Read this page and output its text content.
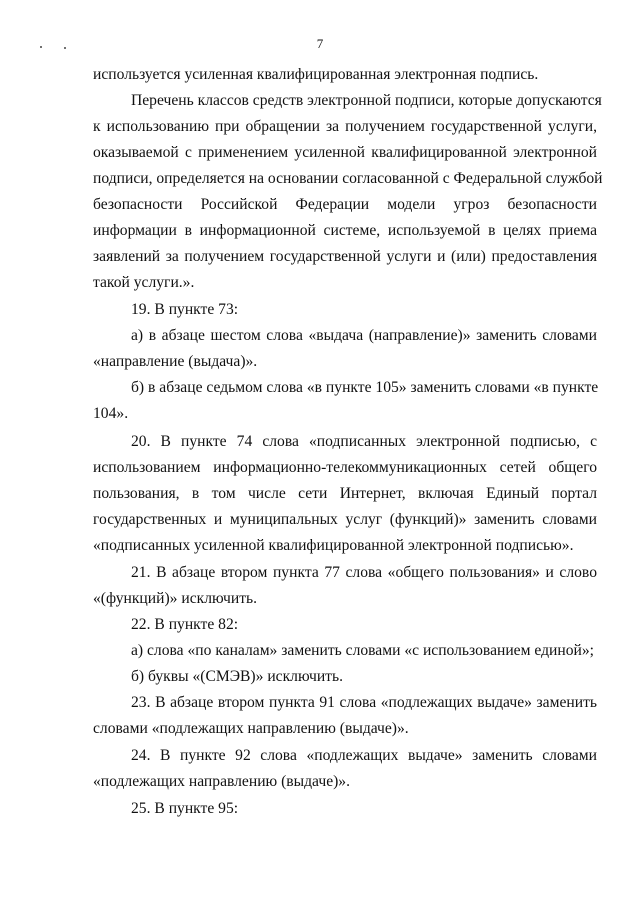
7
используется усиленная квалифицированная электронная подпись.
Перечень классов средств электронной подписи, которые допускаются
к использованию при обращении за получением государственной услуги,
оказываемой с применением усиленной квалифицированной электронной
подписи, определяется на основании согласованной с Федеральной службой
безопасности Российской Федерации модели угроз безопасности
информации в информационной системе, используемой в целях приема
заявлений за получением государственной услуги и (или) предоставления
такой услуги.».
19. В пункте 73:
а) в абзаце шестом слова «выдача (направление)» заменить словами
«направление (выдача)».
б) в абзаце седьмом слова «в пункте 105» заменить словами «в пункте
104».
20. В пункте 74 слова «подписанных электронной подписью, с
использованием информационно-телекоммуникационных сетей общего
пользования, в том числе сети Интернет, включая Единый портал
государственных и муниципальных услуг (функций)» заменить словами
«подписанных усиленной квалифицированной электронной подписью».
21. В абзаце втором пункта 77 слова «общего пользования» и слово
«(функций)» исключить.
22. В пункте 82:
а) слова «по каналам» заменить словами «с использованием единой»;
б) буквы «(СМЭВ)» исключить.
23. В абзаце втором пункта 91 слова «подлежащих выдаче» заменить
словами «подлежащих направлению (выдаче)».
24. В пункте 92 слова «подлежащих выдаче» заменить словами
«подлежащих направлению (выдаче)».
25. В пункте 95:
